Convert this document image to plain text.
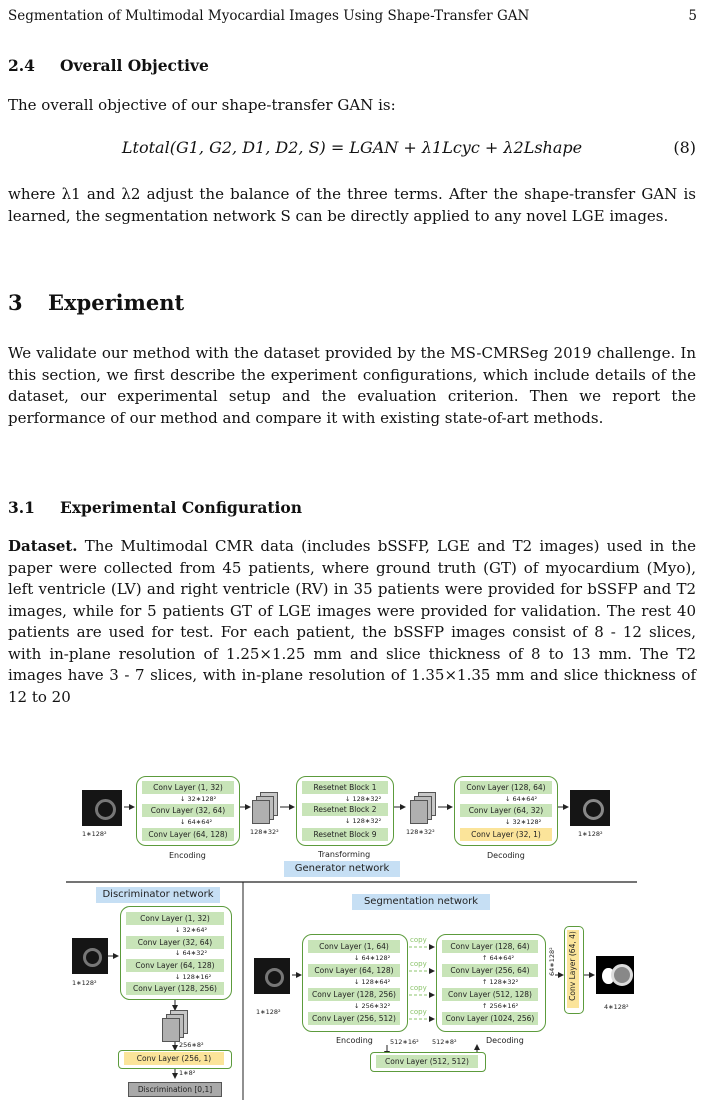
Segmentation of Multimodal Myocardial Images Using Shape-Transfer GAN	5
2.4 Overall Objective
The overall objective of our shape-transfer GAN is:
Ltotal(G1, G2, D1, D2, S) = LGAN + λ1Lcyc + λ2Lshape	(8)
where λ1 and λ2 adjust the balance of the three terms. After the shape-transfer GAN is learned, the segmentation network S can be directly applied to any novel LGE images.
3 Experiment
We validate our method with the dataset provided by the MS-CMRSeg 2019 challenge. In this section, we first describe the experiment configurations, which include details of the dataset, our experimental setup and the evaluation criterion. Then we report the performance of our method and compare it with existing state-of-art methods.
3.1 Experimental Configuration
Dataset. The Multimodal CMR data (includes bSSFP, LGE and T2 images) used in the paper were collected from 45 patients, where ground truth (GT) of myocardium (Myo), left ventricle (LV) and right ventricle (RV) in 35 patients were provided for bSSFP and T2 images, while for 5 patients GT of LGE images were provided for validation. The rest 40 patients are used for test. For each patient, the bSSFP images consist of 8 - 12 slices, with in-plane resolution of 1.25×1.25 mm and slice thickness of 8 to 13 mm. The T2 images have 3 - 7 slices, with in-plane resolution of 1.35×1.35 mm and slice thickness of 12 to 20
1∗128²
Conv Layer (1, 32)
↓ 32∗128²
Conv Layer (32, 64)
↓ 64∗64²
Conv Layer (64, 128)
Encoding
128∗32²
Resetnet Block 1
↓ 128∗32²
Resetnet Block 2
↓ 128∗32²
Resetnet Block 9
Transforming
Generator network
128∗32²
Conv Layer (128, 64)
↓ 64∗64²
Conv Layer (64, 32)
↓ 32∗128²
Conv Layer (32, 1)
Decoding
1∗128²
Discriminator network
1∗128²
Conv Layer (1, 32)
↓ 32∗64²
Conv Layer (32, 64)
↓ 64∗32²
Conv Layer (64, 128)
↓ 128∗16²
Conv Layer (128, 256)
256∗8²
Conv Layer (256, 1)
1∗8²
Discrimination [0,1]
Segmentation network
1∗128²
Conv Layer (1, 64)
↓ 64∗128²
Conv Layer (64, 128)
↓ 128∗64²
Conv Layer (128, 256)
↓ 256∗32²
Conv Layer (256, 512)
copy
copy
copy
copy
Conv Layer (128, 64)
↑ 64∗64²
Conv Layer (256, 64)
↑ 128∗32²
Conv Layer (512, 128)
↑ 256∗16²
Conv Layer (1024, 256)
Encoding	512∗16² 512∗8²	Decoding
Conv Layer (512, 512)
64∗128² Conv Layer (64, 4)
4∗128²
